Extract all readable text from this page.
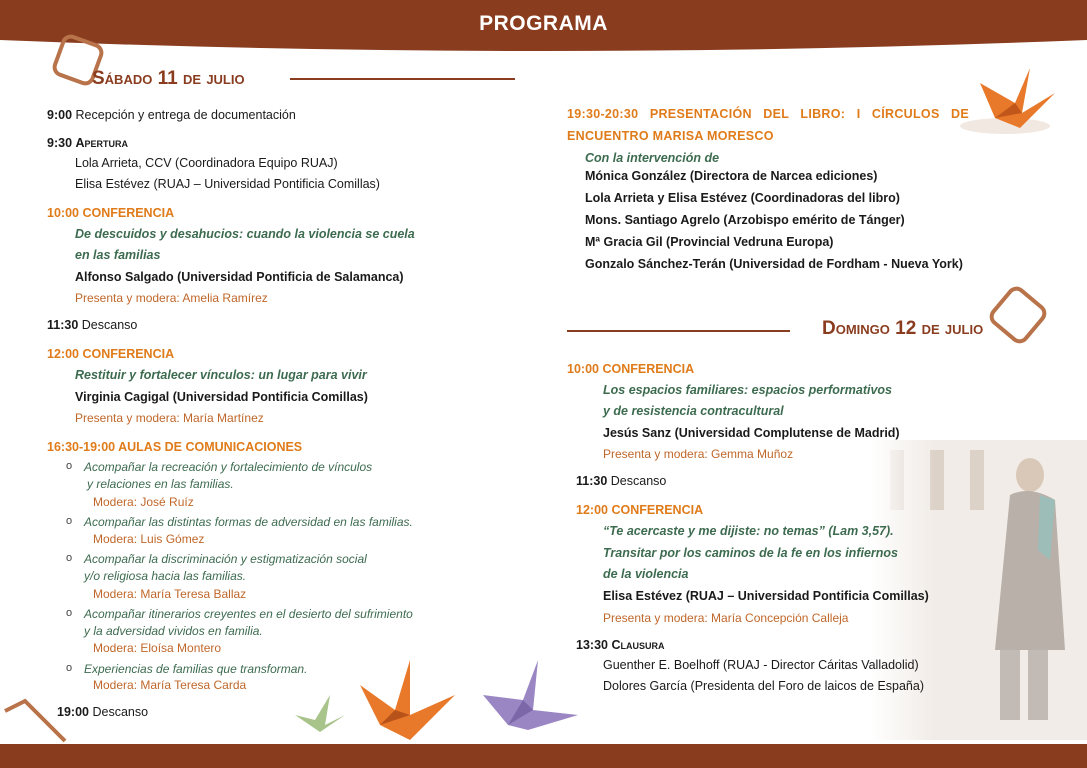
PROGRAMA
Sábado 11 de julio
9:00 Recepción y entrega de documentación
9:30 Apertura
Lola Arrieta, CCV (Coordinadora Equipo RUAJ)
Elisa Estévez (RUAJ – Universidad Pontificia Comillas)
10:00 CONFERENCIA
De descuidos y desahucios: cuando la violencia se cuela
en las familias
Alfonso Salgado (Universidad Pontificia de Salamanca)
Presenta y modera: Amelia Ramírez
11:30 Descanso
12:00 CONFERENCIA
Restituir y fortalecer vínculos: un lugar para vivir
Virginia Cagigal (Universidad Pontificia Comillas)
Presenta y modera: María Martínez
16:30-19:00 AULAS DE COMUNICACIONES
o Acompañar la recreación y fortalecimiento de vínculos
y relaciones en las familias.
Modera: José Ruíz
o Acompañar las distintas formas de adversidad en las familias.
Modera: Luis Gómez
o Acompañar la discriminación y estigmatización social
y/o religiosa hacia las familias.
Modera: María Teresa Ballaz
o Acompañar itinerarios creyentes en el desierto del sufrimiento
y la adversidad vividos en familia.
Modera: Eloísa Montero
o Experiencias de familias que transforman.
Modera: María Teresa Carda
19:00 Descanso
19:30-20:30 PRESENTACIÓN DEL LIBRO: I CÍRCULOS DE
ENCUENTRO MARISA MORESCO
Con la intervención de
Mónica González (Directora de Narcea ediciones)
Lola Arrieta y Elisa Estévez (Coordinadoras del libro)
Mons. Santiago Agrelo (Arzobispo emérito de Tánger)
Mª Gracia Gil (Provincial Vedruna Europa)
Gonzalo Sánchez-Terán (Universidad de Fordham - Nueva York)
Domingo 12 de julio
10:00 CONFERENCIA
Los espacios familiares: espacios performativos
y de resistencia contracultural
Jesús Sanz (Universidad Complutense de Madrid)
Presenta y modera: Gemma Muñoz
11:30 Descanso
12:00 CONFERENCIA
“Te acercaste y me dijiste: no temas” (Lam 3,57).
Transitar por los caminos de la fe en los infiernos
de la violencia
Elisa Estévez (RUAJ – Universidad Pontificia Comillas)
Presenta y modera: María Concepción Calleja
13:30 Clausura
Guenther E. Boelhoff (RUAJ - Director Cáritas Valladolid)
Dolores García (Presidenta del Foro de laicos de España)
